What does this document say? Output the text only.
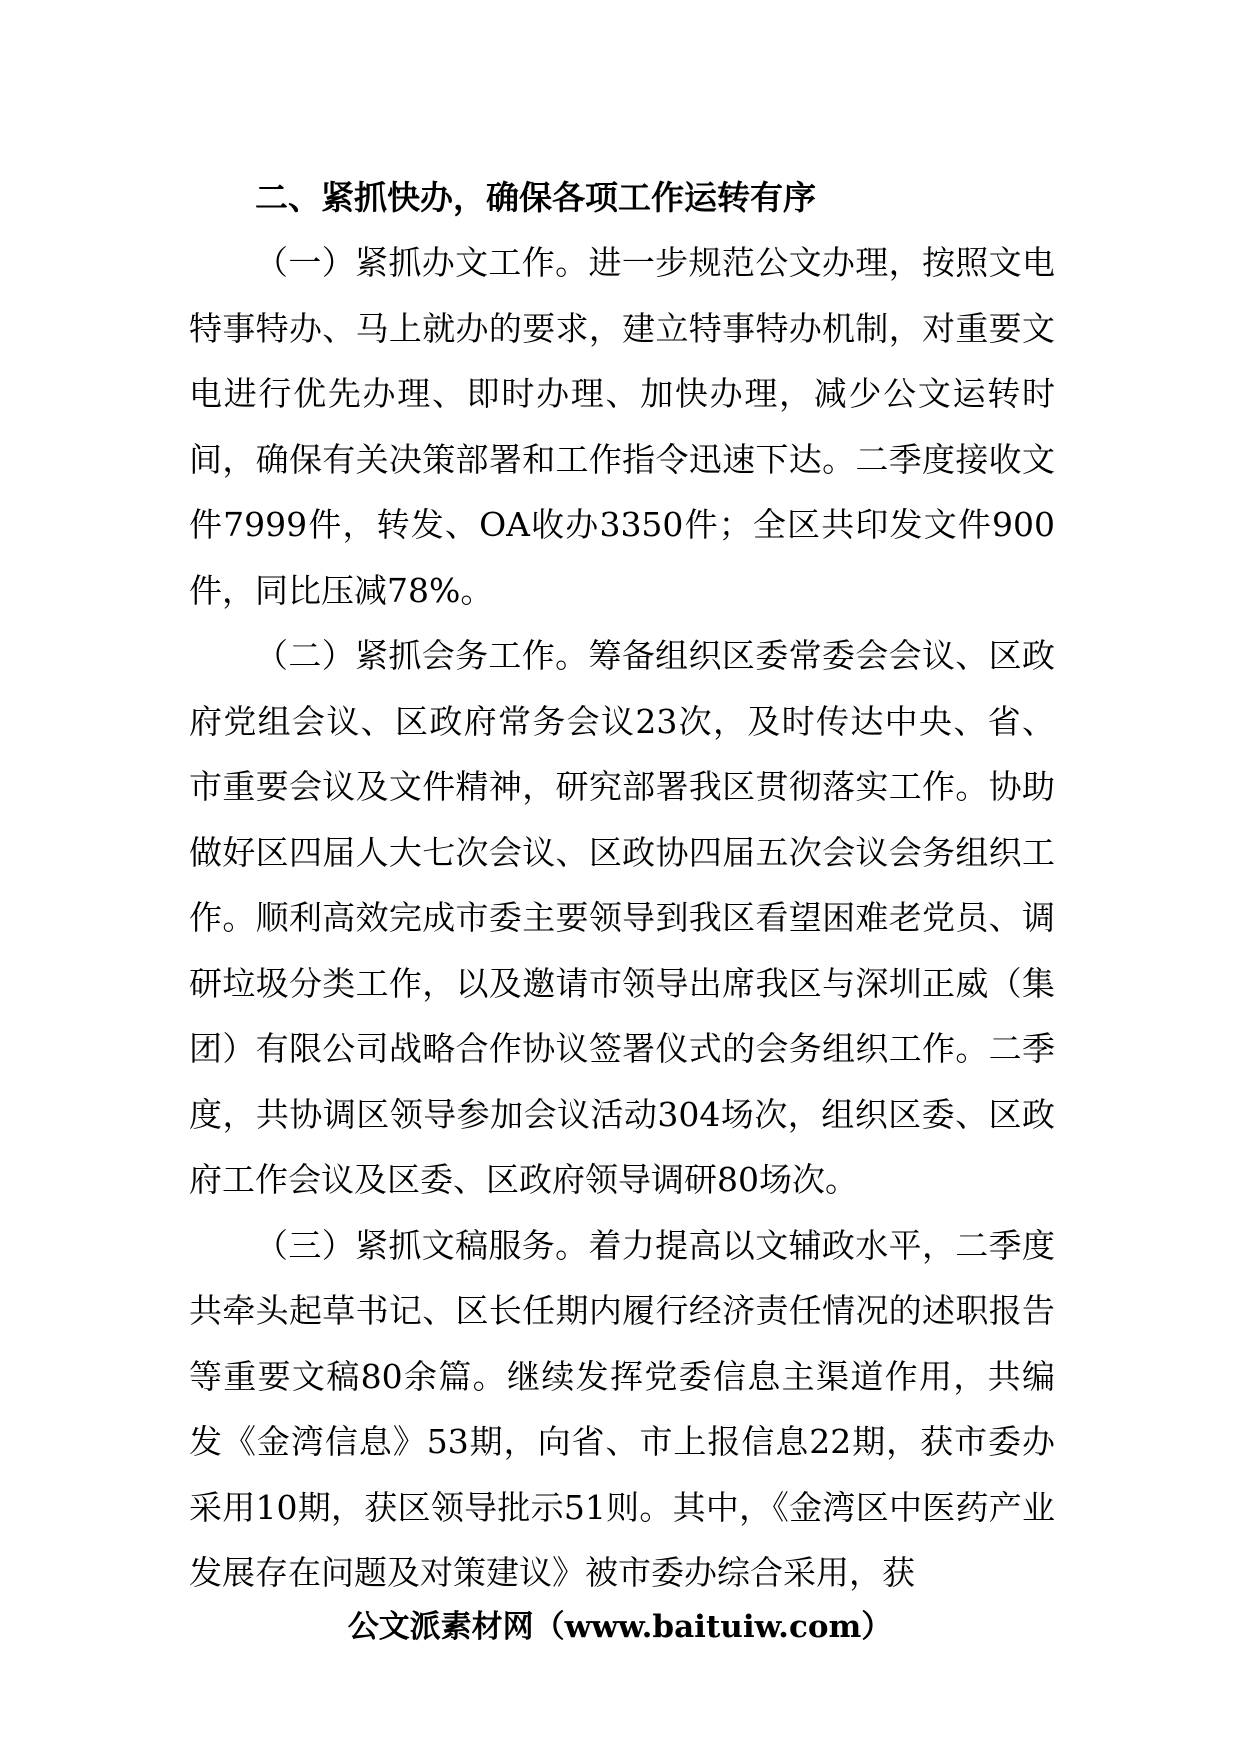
二、紧抓快办，确保各项工作运转有序

（一）紧抓办文工作。进一步规范公文办理，按照文电特事特办、马上就办的要求，建立特事特办机制，对重要文电进行优先办理、即时办理、加快办理，减少公文运转时间，确保有关决策部署和工作指令迅速下达。二季度接收文件7999件，转发、OA收办3350件；全区共印发文件900件，同比压减78%。

（二）紧抓会务工作。筹备组织区委常委会会议、区政府党组会议、区政府常务会议23次，及时传达中央、省、市重要会议及文件精神，研究部署我区贯彻落实工作。协助做好区四届人大七次会议、区政协四届五次会议会务组织工作。顺利高效完成市委主要领导到我区看望困难老党员、调研垃圾分类工作，以及邀请市领导出席我区与深圳正威（集团）有限公司战略合作协议签署仪式的会务组织工作。二季度，共协调区领导参加会议活动304场次，组织区委、区政府工作会议及区委、区政府领导调研80场次。

（三）紧抓文稿服务。着力提高以文辅政水平，二季度共牵头起草书记、区长任期内履行经济责任情况的述职报告等重要文稿80余篇。继续发挥党委信息主渠道作用，共编发《金湾信息》53期，向省、市上报信息22期，获市委办采用10期，获区领导批示51则。其中，《金湾区中医药产业发展存在问题及对策建议》被市委办综合采用，获

公文派素材网（www.baituiw.com）
